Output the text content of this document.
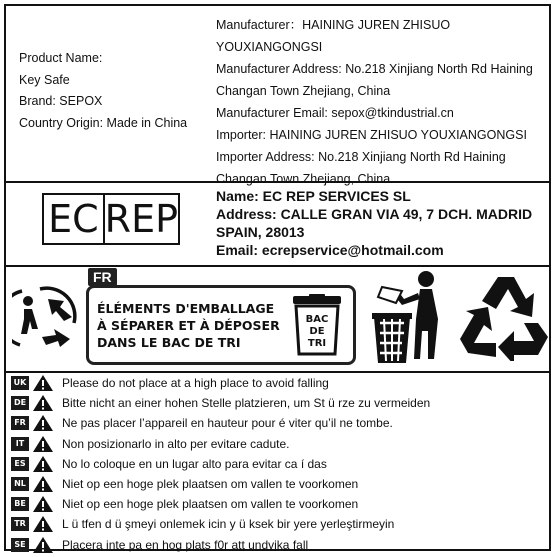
Product Name:
Key Safe
Brand: SEPOX
Country Origin: Made in China
Manufacturer：HAINING JUREN ZHISUO YOUXIANGONGSI
Manufacturer Address: No.218 Xinjiang North Rd Haining
Changan Town Zhejiang, China
Manufacturer Email: sepox@tkindustrial.cn
Importer: HAINING JUREN ZHISUO YOUXIANGONGSI
Importer Address: No.218 Xinjiang North Rd Haining
Changan Town Zhejiang, China
EC REP
Name: EC REP SERVICES SL
Address: CALLE GRAN VIA 49, 7 DCH. MADRID
SPAIN, 28013
Email: ecrepservice@hotmail.com
FR
ÉLÉMENTS D'EMBALLAGE
À SÉPARER ET À DÉPOSER
DANS LE BAC DE TRI
BAC
DE
TRI
UK	Please do not place at a high place to avoid falling
DE	Bitte nicht an einer hohen Stelle platzieren, um St ü rze zu vermeiden
FR	Ne pas placer l’appareil en hauteur pour é viter qu’il ne tombe.
IT	Non posizionarlo in alto per evitare cadute.
ES	No lo coloque en un lugar alto para evitar ca í das
NL	Niet op een hoge plek plaatsen om vallen te voorkomen
BE	Niet op een hoge plek plaatsen om vallen te voorkomen
TR	L ü tfen d ü şmeyi onlemek icin y ü ksek bir yere yerleştirmeyin
SE	Placera inte pa en hog plats f0r att undvika fall
